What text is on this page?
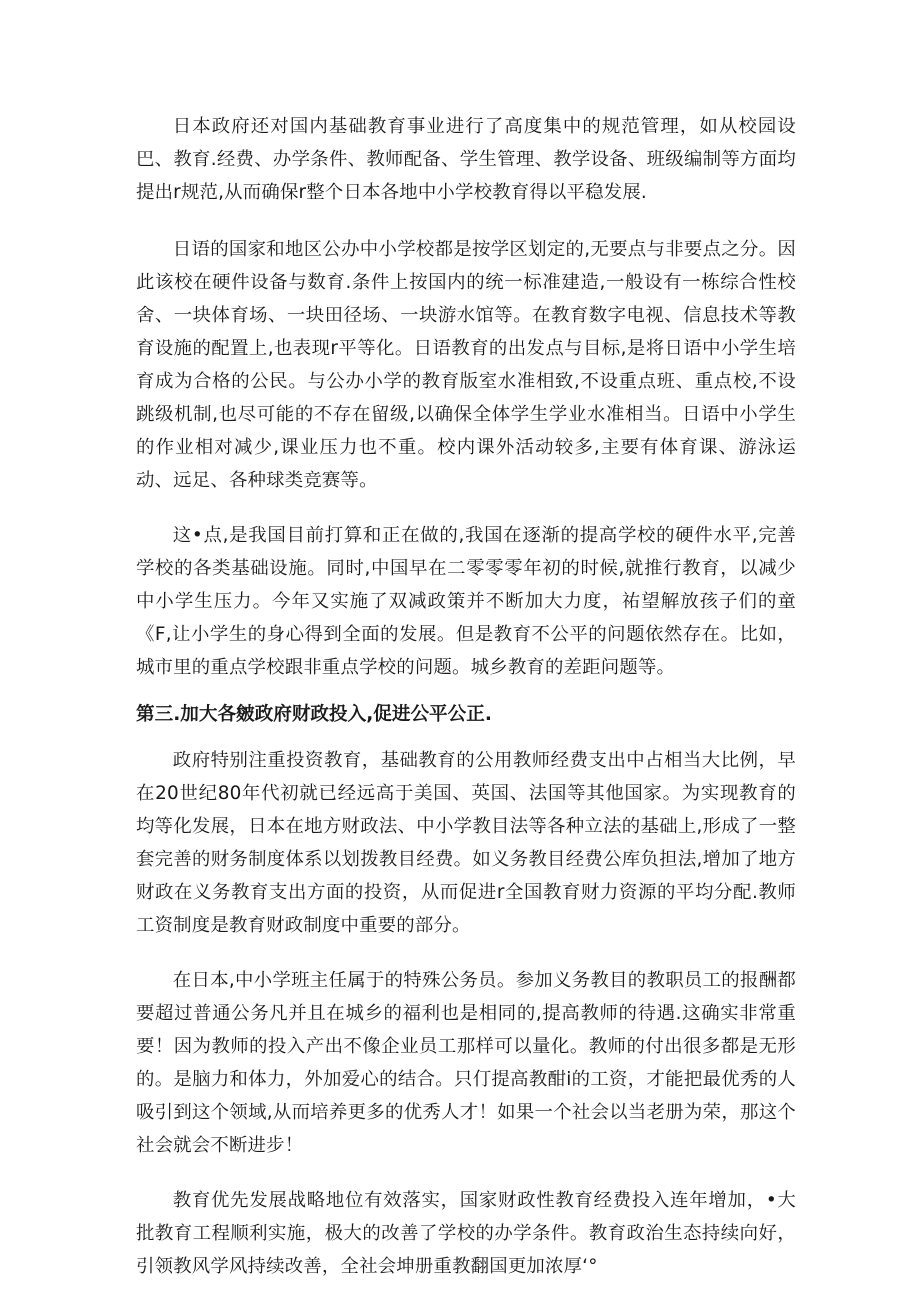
日本政府还对国内基础教育事业进行了高度集中的规范管理，如从校园设巴、教育.经费、办学条件、教师配备、学生管理、教学设备、班级编制等方面均提出r规范,从而确保r整个日本各地中小学校教育得以平稳发展.

日语的国家和地区公办中小学校都是按学区划定的,无要点与非要点之分。因此该校在硬件设备与数育.条件上按国内的统一标准建造,一般设有一栋综合性校舍、一块体育场、一块田径场、一块游水馆等。在教育数字电视、信息技术等教育设施的配置上,也表现r平等化。日语教育的出发点与目标,是将日语中小学生培育成为合格的公民。与公办小学的教育版室水准相致,不设重点班、重点校,不设跳级机制,也尽可能的不存在留级,以确保全体学生学业水准相当。日语中小学生的作业相对减少,课业压力也不重。校内课外活动较多,主要有体育课、游泳运动、远足、各种球类竞赛等。

这•点,是我国目前打算和正在做的,我国在逐渐的提高学校的硬件水平,完善学校的各类基础设施。同时,中国早在二零零零年初的时候,就推行教育，以减少中小学生压力。今年又实施了双减政策并不断加大力度，祐望解放孩子们的童《F,让小学生的身心得到全面的发展。但是教育不公平的问题依然存在。比如，城市里的重点学校跟非重点学校的问题。城乡教育的差距问题等。

第三.加大各皴政府财政投入,促进公平公正.

政府特别注重投资教育，基础教育的公用教师经费支出中占相当大比例，早在20世纪80年代初就已经远高于美国、英国、法国等其他国家。为实现教育的均等化发展，日本在地方财政法、中小学教目法等各种立法的基础上,形成了一整套完善的财务制度体系以划拨教目经费。如义务教目经费公库负担法,增加了地方财政在义务教育支出方面的投资，从而促进r全国教育财力资源的平均分配.教师工资制度是教育财政制度中重要的部分。

在日本,中小学班主任属于的特殊公务员。参加义务教目的教职员工的报酬都要超过普通公务凡并且在城乡的福利也是相同的,提高教师的待遇.这确实非常重要！因为教师的投入产出不像企业员工那样可以量化。教师的付出很多都是无形的。是脑力和体力，外加爱心的结合。只仃提高教酣i的工资，才能把最优秀的人吸引到这个领域,从而培养更多的优秀人才！如果一个社会以当老册为荣，那这个社会就会不断进步！

教育优先发展战略地位有效落实，国家财政性教育经费投入连年增加，•大批教育工程顺利实施，极大的改善了学校的办学条件。教育政治生态持续向好，引领教风学风持续改善，全社会坤册重教翻国更加浓厚‘°
